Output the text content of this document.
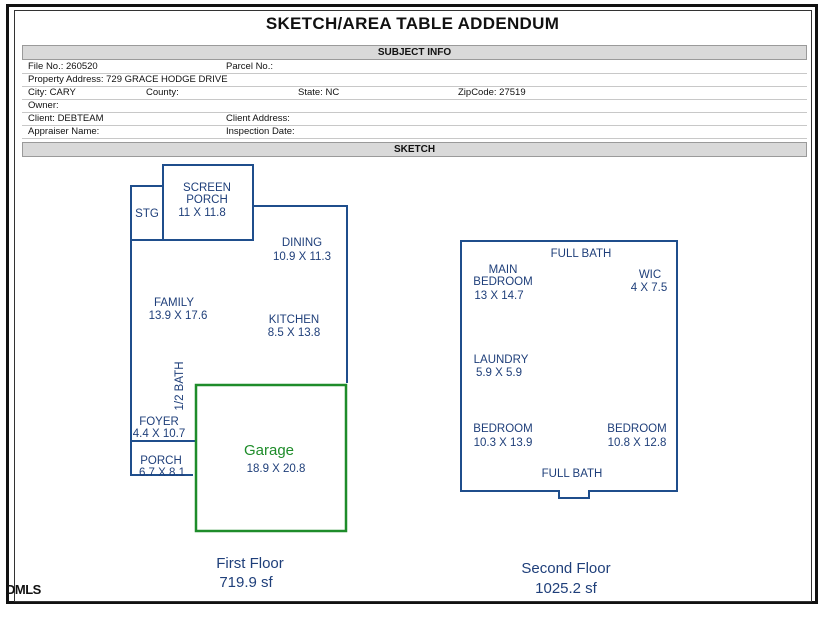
SKETCH/AREA TABLE ADDENDUM
SUBJECT INFO
File No.: 260520	Parcel No.:
Property Address: 729 GRACE HODGE DRIVE
City: CARY	County:	State: NC	ZipCode: 27519
Owner:
Client: DEBTEAM	Client Address:
Appraiser Name:	Inspection Date:
SKETCH
SCREEN
PORCH
11 X 11.8
STG
DINING
10.9 X 11.3
FAMILY
13.9 X 17.6	KITCHEN
8.5 X 13.8
FOYER
4.4 X 10.7
PORCH
6.7 X 8.1
1/2 BATH
18.9 X 20.8
Garage
FULL BATH
MAIN
BEDROOM
13 X 14.7
WIC
4 X 7.5
LAUNDRY
5.9 X 5.9
BEDROOM
10.3 X 13.9
BEDROOM
10.8 X 12.8
FULL BATH
First Floor
719.9 sf
Second Floor
1025.2 sf
DMLS
